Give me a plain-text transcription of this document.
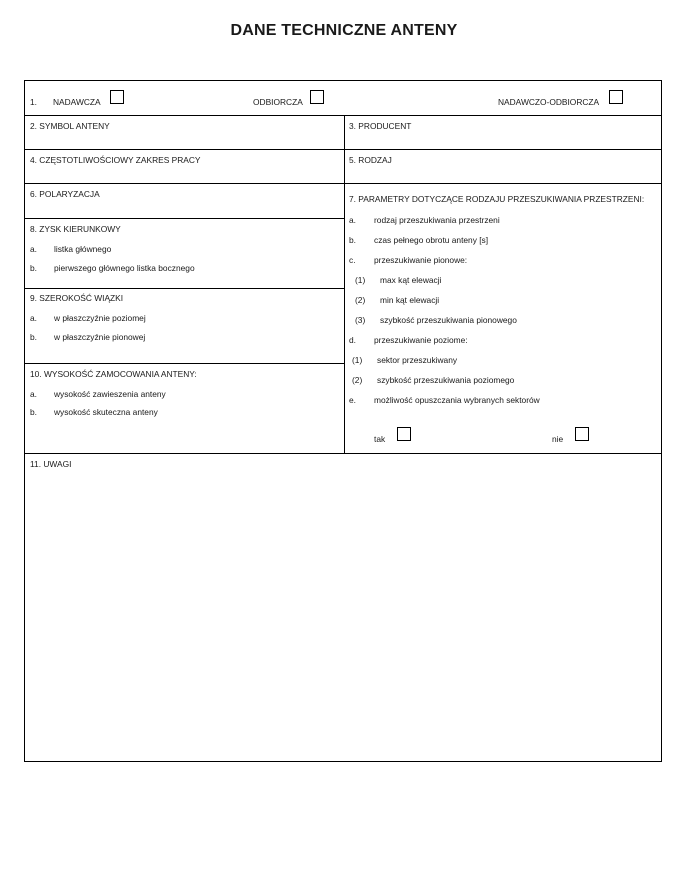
DANE TECHNICZNE ANTENY
1. NADAWCZA	ODBIORCZA	NADAWCZO-ODBIORCZA
2. SYMBOL ANTENY	3. PRODUCENT
4. CZĘSTOTLIWOŚCIOWY ZAKRES PRACY	5. RODZAJ
6. POLARYZACJA
8. ZYSK KIERUNKOWY
a. listka głównego
b. pierwszego głównego listka bocznego
9. SZEROKOŚĆ WIĄZKI
a. w płaszczyźnie poziomej
b. w płaszczyźnie pionowej
10. WYSOKOŚĆ ZAMOCOWANIA ANTENY:
a. wysokość zawieszenia anteny
b. wysokość skuteczna anteny
7. PARAMETRY DOTYCZĄCE RODZAJU PRZESZUKIWANIA PRZESTRZENI:
a. rodzaj przeszukiwania przestrzeni
b. czas pełnego obrotu anteny [s]
c. przeszukiwanie pionowe:
(1) max kąt elewacji
(2) min kąt elewacji
(3) szybkość przeszukiwania pionowego
d. przeszukiwanie poziome:
(1) sektor przeszukiwany
(2) szybkość przeszukiwania poziomego
e. możliwość opuszczania wybranych sektorów
tak	nie
11. UWAGI
